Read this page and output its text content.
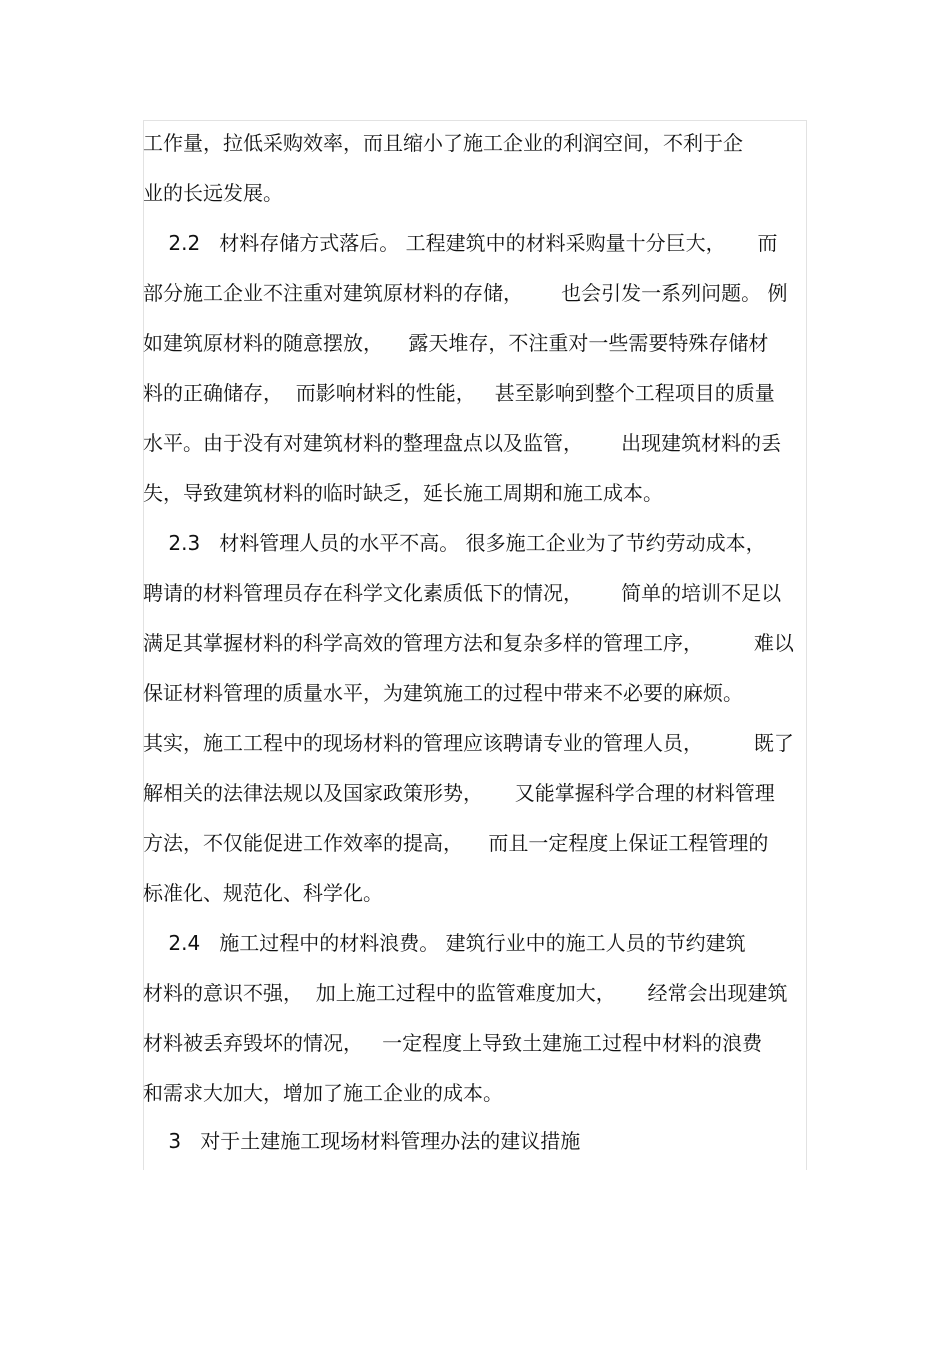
工作量，拉低采购效率，而且缩小了施工企业的利润空间，不利于企
业的长远发展。
2.2   材料存储方式落后。 工程建筑中的材料采购量十分巨大，     而
部分施工企业不注重对建筑原材料的存储，      也会引发一系列问题。 例
如建筑原材料的随意摆放，    露天堆存，不注重对一些需要特殊存储材
料的正确储存，  而影响材料的性能，   甚至影响到整个工程项目的质量
水平。由于没有对建筑材料的整理盘点以及监管，      出现建筑材料的丢
失，导致建筑材料的临时缺乏，延长施工周期和施工成本。
2.3   材料管理人员的水平不高。 很多施工企业为了节约劳动成本，
聘请的材料管理员存在科学文化素质低下的情况，      简单的培训不足以
满足其掌握材料的科学高效的管理方法和复杂多样的管理工序，        难以
保证材料管理的质量水平，为建筑施工的过程中带来不必要的麻烦。
其实，施工工程中的现场材料的管理应该聘请专业的管理人员，        既了
解相关的法律法规以及国家政策形势，     又能掌握科学合理的材料管理
方法，不仅能促进工作效率的提高，    而且一定程度上保证工程管理的
标准化、规范化、科学化。
2.4   施工过程中的材料浪费。 建筑行业中的施工人员的节约建筑
材料的意识不强，  加上施工过程中的监管难度加大，     经常会出现建筑
材料被丢弃毁坏的情况，   一定程度上导致土建施工过程中材料的浪费
和需求大加大，增加了施工企业的成本。
3   对于土建施工现场材料管理办法的建议措施
